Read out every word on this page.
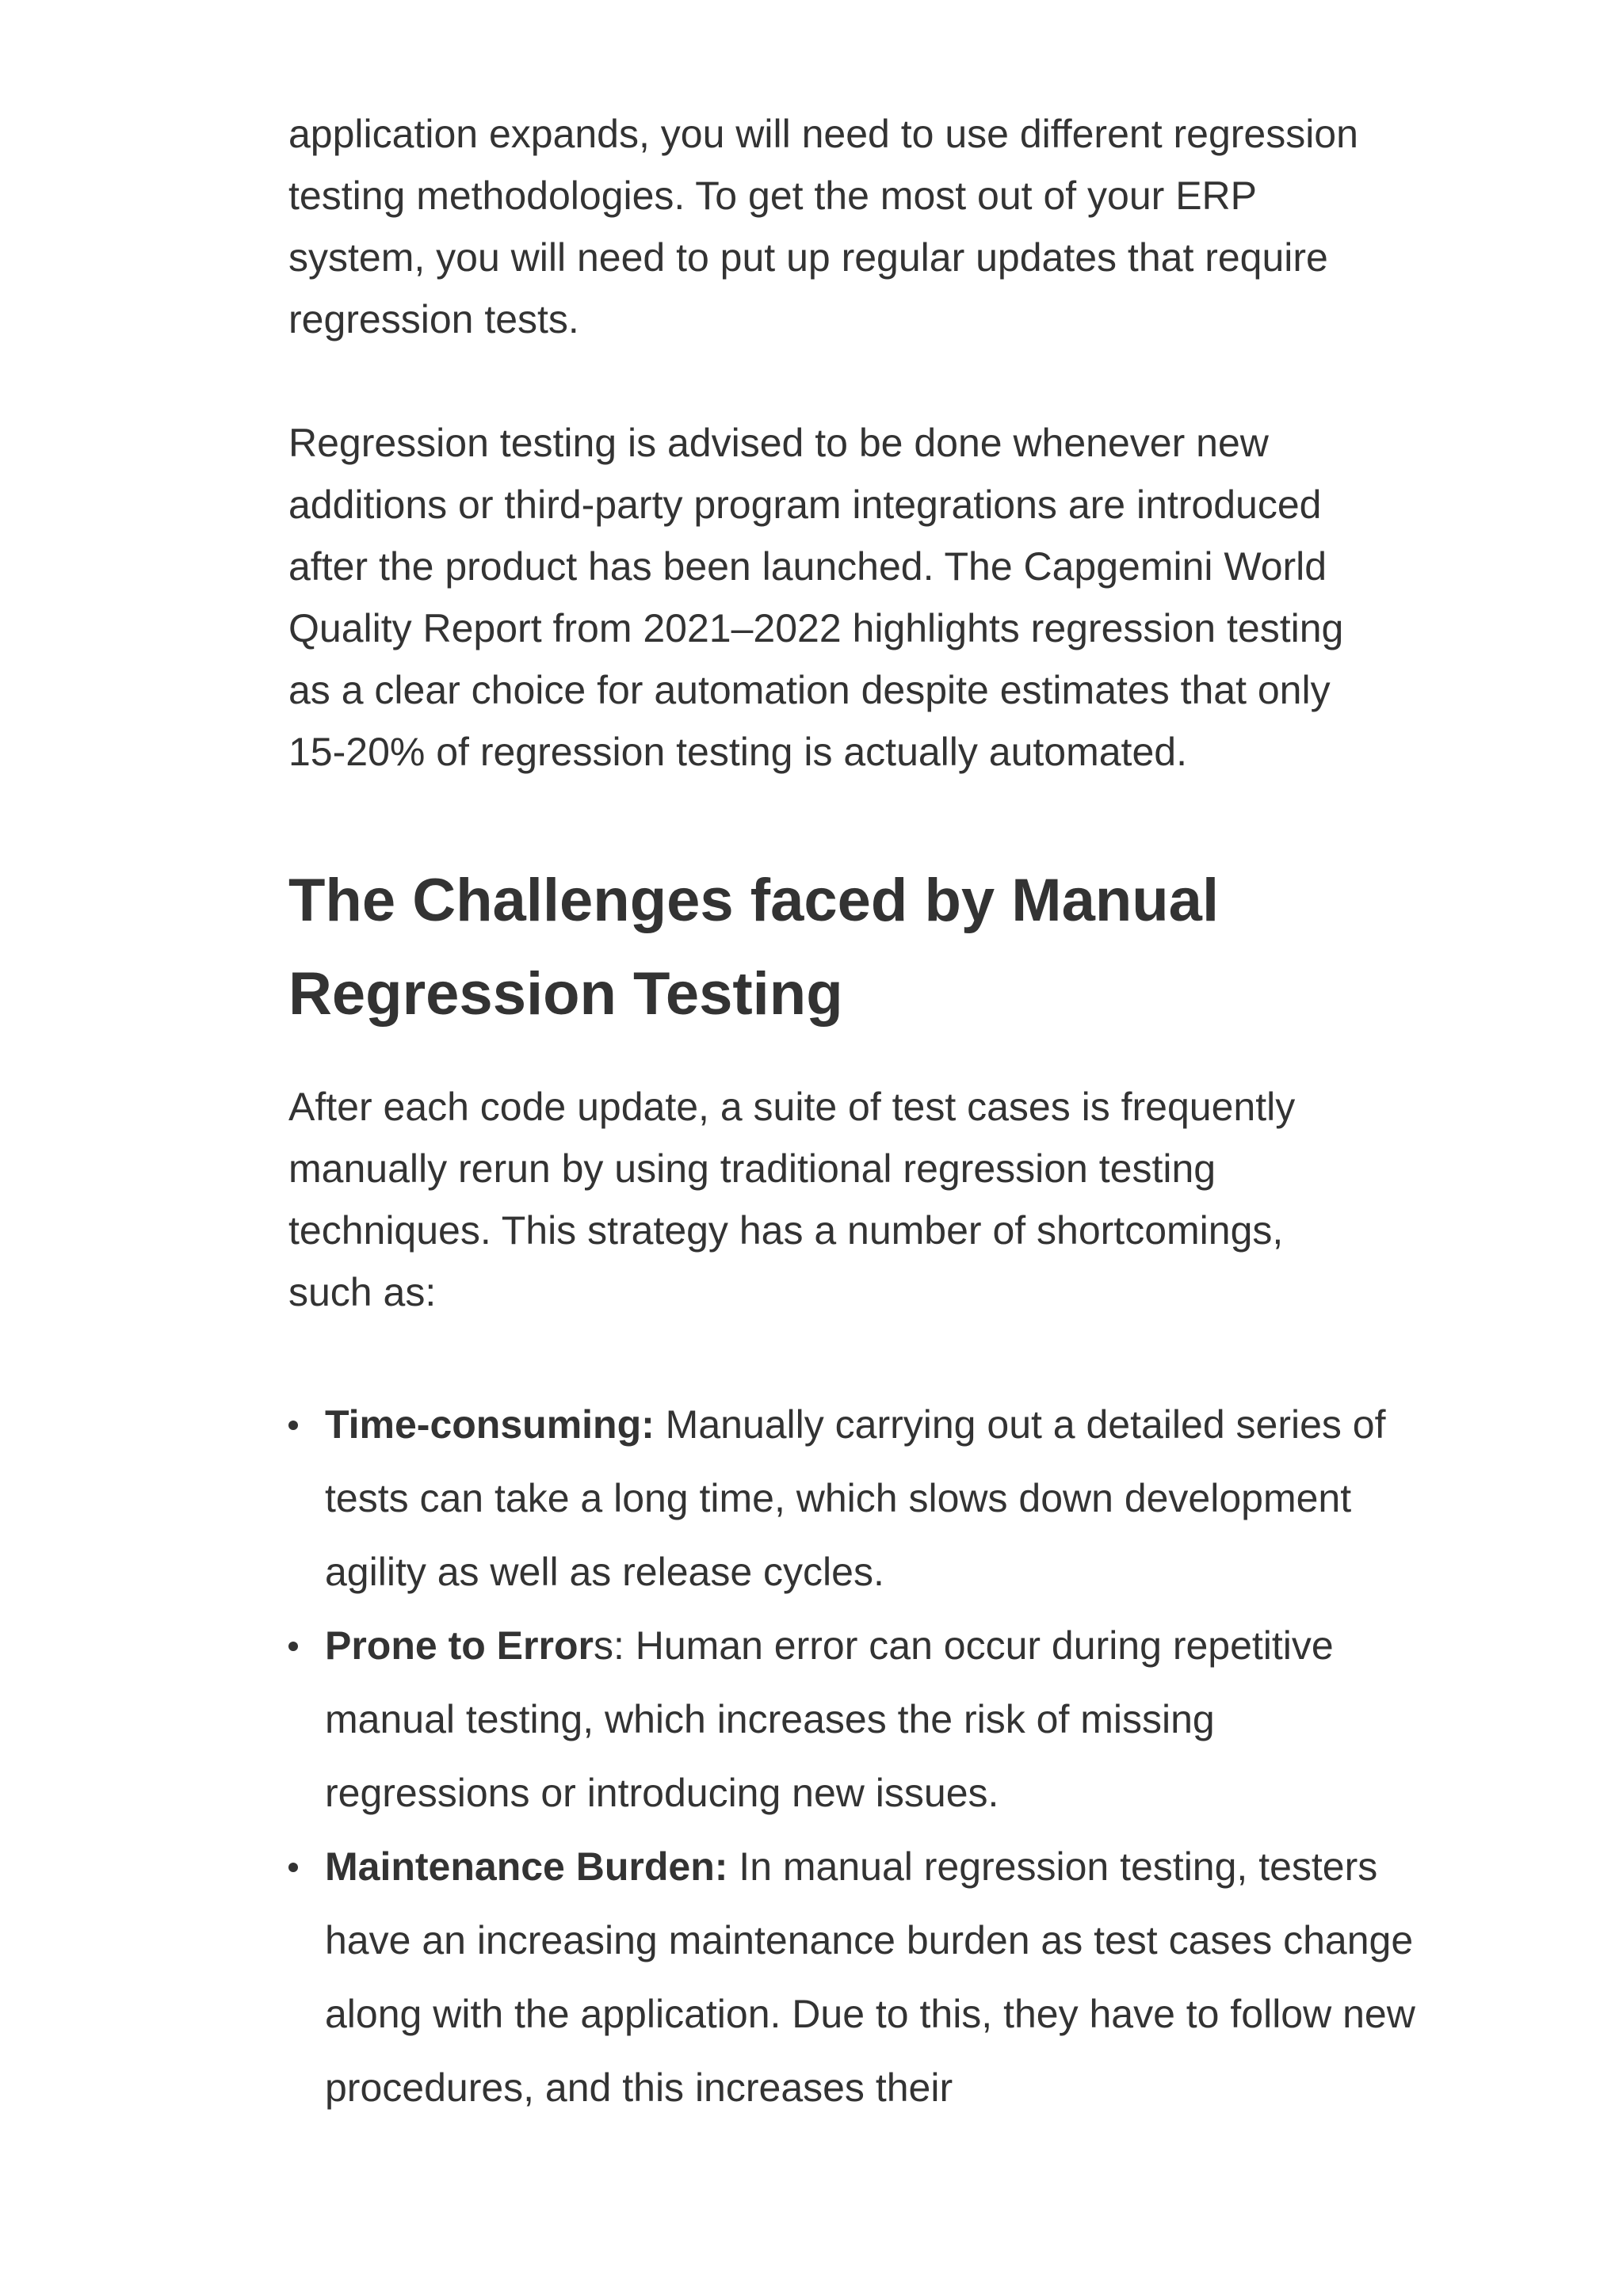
application expands, you will need to use different regression testing methodologies. To get the most out of your ERP system, you will need to put up regular updates that require regression tests.

Regression testing is advised to be done whenever new additions or third-party program integrations are introduced after the product has been launched. The Capgemini World Quality Report from 2021–2022 highlights regression testing as a clear choice for automation despite estimates that only 15-20% of regression testing is actually automated.

The Challenges faced by Manual Regression Testing

After each code update, a suite of test cases is frequently manually rerun by using traditional regression testing techniques. This strategy has a number of shortcomings, such as:

Time-consuming: Manually carrying out a detailed series of tests can take a long time, which slows down development agility as well as release cycles.
Prone to Errors: Human error can occur during repetitive manual testing, which increases the risk of missing regressions or introducing new issues.
Maintenance Burden: In manual regression testing, testers have an increasing maintenance burden as test cases change along with the application. Due to this, they have to follow new procedures, and this increases their
